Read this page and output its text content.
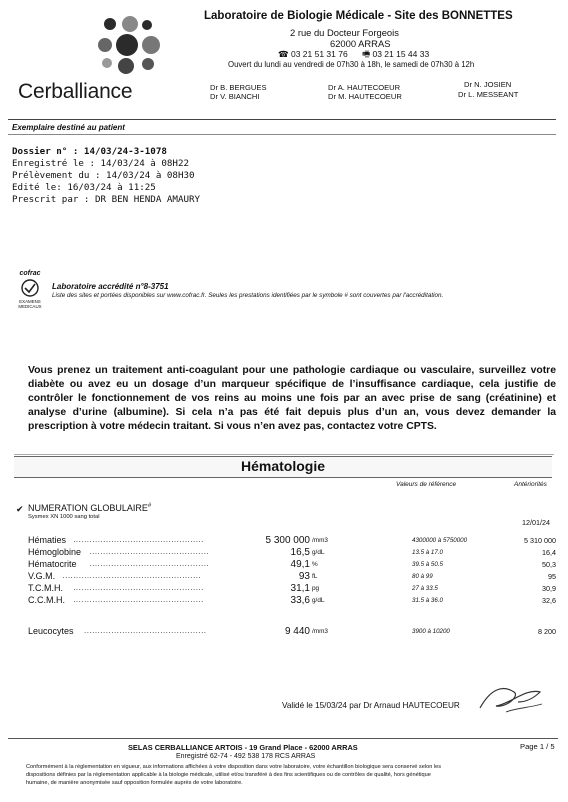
Cerballiance
Laboratoire de Biologie Médicale - Site des BONNETTES
2 rue du Docteur Forgeois
62000 ARRAS
☎ 03 21 51 31 76 🖷 03 21 15 44 33
Ouvert du lundi au vendredi de 07h30 à 18h, le samedi de 07h30 à 12h
Dr B. BERGUES
Dr V. BIANCHI
Dr A. HAUTECOEUR
Dr M. HAUTECOEUR
Dr N. JOSIEN
Dr L. MESSEANT
Exemplaire destiné au patient
Dossier n° : 14/03/24-3-1078
Enregistré le : 14/03/24 à 08H22
Prélèvement du : 14/03/24 à 08H30
Edité le: 16/03/24 à 11:25
Prescrit par : DR BEN HENDA AMAURY
cofrac
EXAMENS MEDICAUX
Laboratoire accrédité n°8-3751
Liste des sites et portées disponibles sur www.cofrac.fr. Seules les prestations identifiées par le symbole # sont couvertes par l'accréditation.
Vous prenez un traitement anti-coagulant pour une pathologie cardiaque ou vasculaire, surveillez votre diabète ou avez eu un dosage d’un marqueur spécifique de l’insuffisance cardiaque, cela justifie de contrôler le fonctionnement de vos reins au moins une fois par an avec prise de sang (créatinine) et analyse d’urine (albumine). Si cela n’a pas été fait depuis plus d’un an, vous devez demander la prescription à votre médecin traitant. Si vous n’en avez pas, contactez votre CPTS.
Hématologie
Valeurs de référence	Antériorités
✔ NUMERATION GLOBULAIRE#
Sysmex XN 1000 sang total
12/01/24
Hématies ................................................	5 300 000 /mm3	4300000 à 5750000	5 310 000
Hémoglobine ............................................	16,5 g/dL	13.5 à 17.0	16,4
Hématocrite ............................................	49,1 %	39.5 à 50.5	50,3
V.G.M. ...................................................	93 fL	80 à 99	95
T.C.M.H. ................................................	31,1 pg	27 à 33.5	30,9
C.C.M.H. ................................................	33,6 g/dL	31.5 à 36.0	32,6
Leucocytes .............................................	9 440 /mm3	3900 à 10200	8 200
Validé le 15/03/24 par Dr Arnaud HAUTECOEUR
SELAS CERBALLIANCE ARTOIS - 19 Grand Place - 62000 ARRAS
Enregistré 62-74 - 492 538 178 RCS ARRAS
Page 1 / 5
Conformément à la réglementation en vigueur, aux informations affichées à votre disposition dans votre laboratoire, votre échantillon biologique sera conservé selon les
dispositions définies par la réglementation applicable à la biologie médicale, utilisé et/ou transféré à des fins scientifiques ou de contrôles de qualité, hors génétique
humaine, de manière anonymisée sauf opposition formulée auprès de votre laboratoire.
